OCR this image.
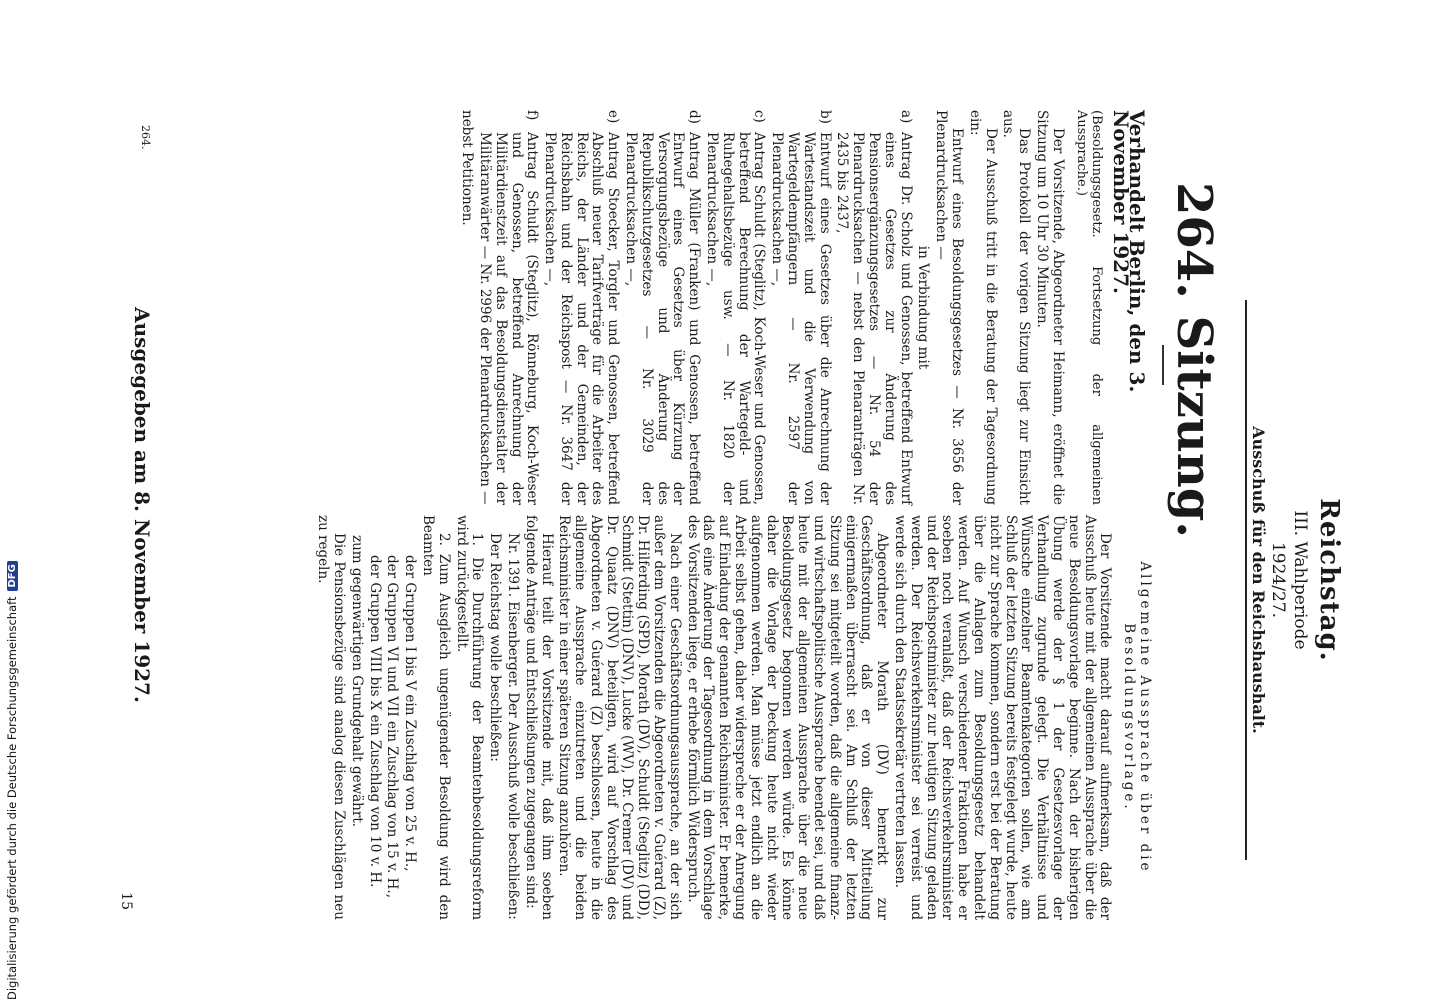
Reichstag.
III. Wahlperiode
1924/27.
Ausschuß für den Reichshaushalt.
264. Sitzung.
Verhandelt Berlin, den 3. November 1927.
(Besoldungsgesetz. Fortsetzung der allgemeinen Aussprache.)

Der Vorsitzende, Abgeordneter Heimann, eröffnet die Sitzung um 10 Uhr 30 Minuten.

Das Protokoll der vorigen Sitzung liegt zur Einsicht aus.

Der Ausschuß tritt in die Beratung der Tagesordnung ein:

Entwurf eines Besoldungsgesetzes — Nr. 3656 der Plenardrucksachen —

in Verbindung mit

a)
Antrag Dr. Scholz und Genossen, betreffend Entwurf eines Gesetzes zur Änderung des Pensionsergänzungsgesetzes — Nr. 54 der Plenardrucksachen — nebst den Plenaranträgen Nr. 2435 bis 2437,
b)
Entwurf eines Gesetzes über die Anrechnung der Wartestandszeit und die Verwendung von Wartegeldempfängern — Nr. 2597 der Plenardrucksachen —,
c)
Antrag Schuldt (Steglitz), Koch-Weser und Genossen, betreffend Berechnung der Wartegeld- und Ruhegehaltsbezüge usw. — Nr. 1820 der Plenardrucksachen —,
d)
Antrag Müller (Franken) und Genossen, betreffend Entwurf eines Gesetzes über Kürzung der Versorgungsbezüge und Änderung des Republikschutzgesetzes — Nr. 3029 der Plenardrucksachen —,
e)
Antrag Stoecker, Torgler und Genossen, betreffend Abschluß neuer Tarifverträge für die Arbeiter des Reichs, der Länder und der Gemeinden, der Reichsbahn und der Reichspost — Nr. 3647 der Plenardrucksachen —,
f)
Antrag Schuldt (Steglitz), Rönneburg, Koch-Weser und Genossen, betreffend Anrechnung der Militärdienstzeit auf das Besoldungsdienstalter der Militäranwärter — Nr. 2996 der Plenardrucksachen —

nebst Petitionen.

Allgemeine Aussprache über die Besoldungsvorlage.

Der Vorsitzende macht darauf aufmerksam, daß der Ausschuß heute mit der allgemeinen Aussprache über die neue Besoldungsvorlage beginne. Nach der bisherigen Übung werde der § 1 der Gesetzesvorlage der Verhandlung zugrunde gelegt. Die Verhältnisse und Wünsche einzelner Beamtenkategorien sollen, wie am Schluß der letzten Sitzung bereits festgelegt wurde, heute nicht zur Sprache kommen, sondern erst bei der Beratung über die Anlagen zum Besoldungsgesetz behandelt werden. Auf Wunsch verschiedener Fraktionen habe er soeben noch veranlaßt, daß der Reichsverkehrsminister und der Reichspostminister zur heutigen Sitzung geladen werden. Der Reichsverkehrsminister sei verreist und werde sich durch den Staatssekretär vertreten lassen.

Abgeordneter Morath (DV) bemerkt zur Geschäftsordnung, daß er von dieser Mitteilung einigermaßen überrascht sei. Am Schluß der letzten Sitzung sei mitgeteilt worden, daß die allgemeine finanz- und wirtschaftspolitische Aussprache beendet sei, und daß heute mit der allgemeinen Aussprache über die neue Besoldungsgesetz begonnen werden würde. Es könne daher die Vorlage der Deckung heute nicht wieder aufgenommen werden. Man müsse jetzt endlich an die Arbeit selbst gehen, daher widerspreche er der Anregung auf Einladung der genannten Reichsminister. Er bemerke, daß eine Änderung der Tagesordnung in dem Vorschlage des Vorsitzenden liege, er erhebe förmlich Widerspruch.

Nach einer Geschäftsordnungsaussprache, an der sich außer dem Vorsitzenden die Abgeordneten v. Guérard (Z), Dr. Hilferding (SPD), Morath (DV), Schuldt (Steglitz) (DD), Schmidt (Stettin) (DNV), Lucke (WV), Dr. Cremer (DV) und Dr. Quaatz (DNV) beteiligen, wird auf Vorschlag des Abgeordneten v. Guérard (Z) beschlossen, heute in die allgemeine Aussprache einzutreten und die beiden Reichsminister in einer späteren Sitzung anzuhören.

Hierauf teilt der Vorsitzende mit, daß ihm soeben folgende Anträge und Entschließungen zugegangen sind:

Nr. 1391. Eisenberger. Der Ausschuß wolle beschließen:

Der Reichstag wolle beschließen:

1. Die Durchführung der Beamtenbesoldungsreform wird zurückgestellt.

2. Zum Ausgleich ungenügender Besoldung wird den Beamten

der Gruppen I bis V ein Zuschlag von 25 v. H.,

der Gruppen VI und VII ein Zuschlag von 15 v. H.,

der Gruppen VIII bis X ein Zuschlag von 10 v. H.

zum gegenwärtigen Grundgehalt gewährt.

Die Pensionsbezüge sind analog diesen Zuschlägen neu zu regeln.

264.
Ausgegeben am 8. November 1927.
15
Digitalisierung gefördert durch die Deutsche Forschungsgemeinschaft
DFG
